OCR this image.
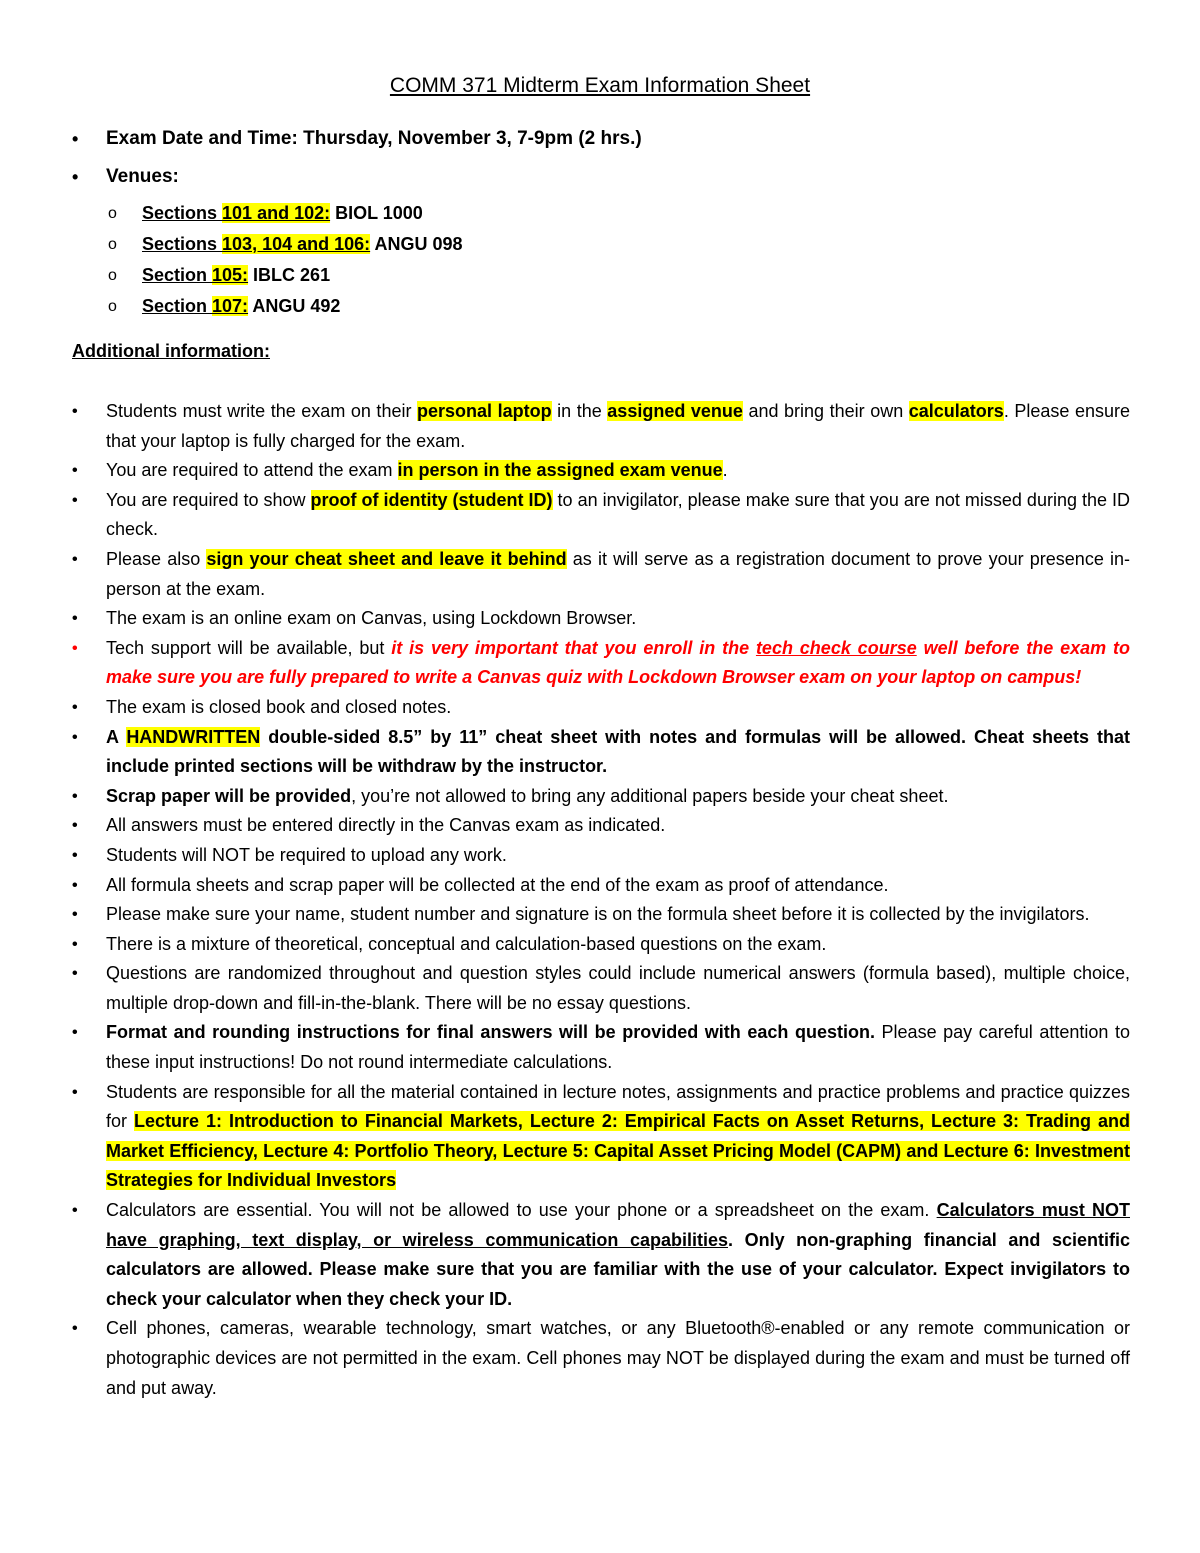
COMM 371 Midterm Exam Information Sheet
•	Exam Date and Time: Thursday, November 3, 7-9pm (2 hrs.)
•	Venues:
o Sections 101 and 102: BIOL 1000
o Sections 103, 104 and 106: ANGU 098
o Section 105: IBLC 261
o Section 107: ANGU 492
Additional information:
•	Students must write the exam on their personal laptop in the assigned venue and bring their own calculators. Please ensure that your laptop is fully charged for the exam.
•	You are required to attend the exam in person in the assigned exam venue.
•	You are required to show proof of identity (student ID) to an invigilator, please make sure that you are not missed during the ID check.
•	Please also sign your cheat sheet and leave it behind as it will serve as a registration document to prove your presence in-person at the exam.
•	The exam is an online exam on Canvas, using Lockdown Browser.
•	Tech support will be available, but it is very important that you enroll in the tech check course well before the exam to make sure you are fully prepared to write a Canvas quiz with Lockdown Browser exam on your laptop on campus!
•	The exam is closed book and closed notes.
•	A HANDWRITTEN double-sided 8.5” by 11” cheat sheet with notes and formulas will be allowed. Cheat sheets that include printed sections will be withdraw by the instructor.
•	Scrap paper will be provided, you’re not allowed to bring any additional papers beside your cheat sheet.
•	All answers must be entered directly in the Canvas exam as indicated.
•	Students will NOT be required to upload any work.
•	All formula sheets and scrap paper will be collected at the end of the exam as proof of attendance.
•	Please make sure your name, student number and signature is on the formula sheet before it is collected by the invigilators.
•	There is a mixture of theoretical, conceptual and calculation-based questions on the exam.
•	Questions are randomized throughout and question styles could include numerical answers (formula based), multiple choice, multiple drop-down and fill-in-the-blank. There will be no essay questions.
•	Format and rounding instructions for final answers will be provided with each question. Please pay careful attention to these input instructions! Do not round intermediate calculations.
•	Students are responsible for all the material contained in lecture notes, assignments and practice problems and practice quizzes for Lecture 1: Introduction to Financial Markets, Lecture 2: Empirical Facts on Asset Returns, Lecture 3: Trading and Market Efficiency, Lecture 4: Portfolio Theory, Lecture 5: Capital Asset Pricing Model (CAPM) and Lecture 6: Investment Strategies for Individual Investors
•	Calculators are essential. You will not be allowed to use your phone or a spreadsheet on the exam. Calculators must NOT have graphing, text display, or wireless communication capabilities. Only non-graphing financial and scientific calculators are allowed. Please make sure that you are familiar with the use of your calculator. Expect invigilators to check your calculator when they check your ID.
•	Cell phones, cameras, wearable technology, smart watches, or any Bluetooth®-enabled or any remote communication or photographic devices are not permitted in the exam. Cell phones may NOT be displayed during the exam and must be turned off and put away.
